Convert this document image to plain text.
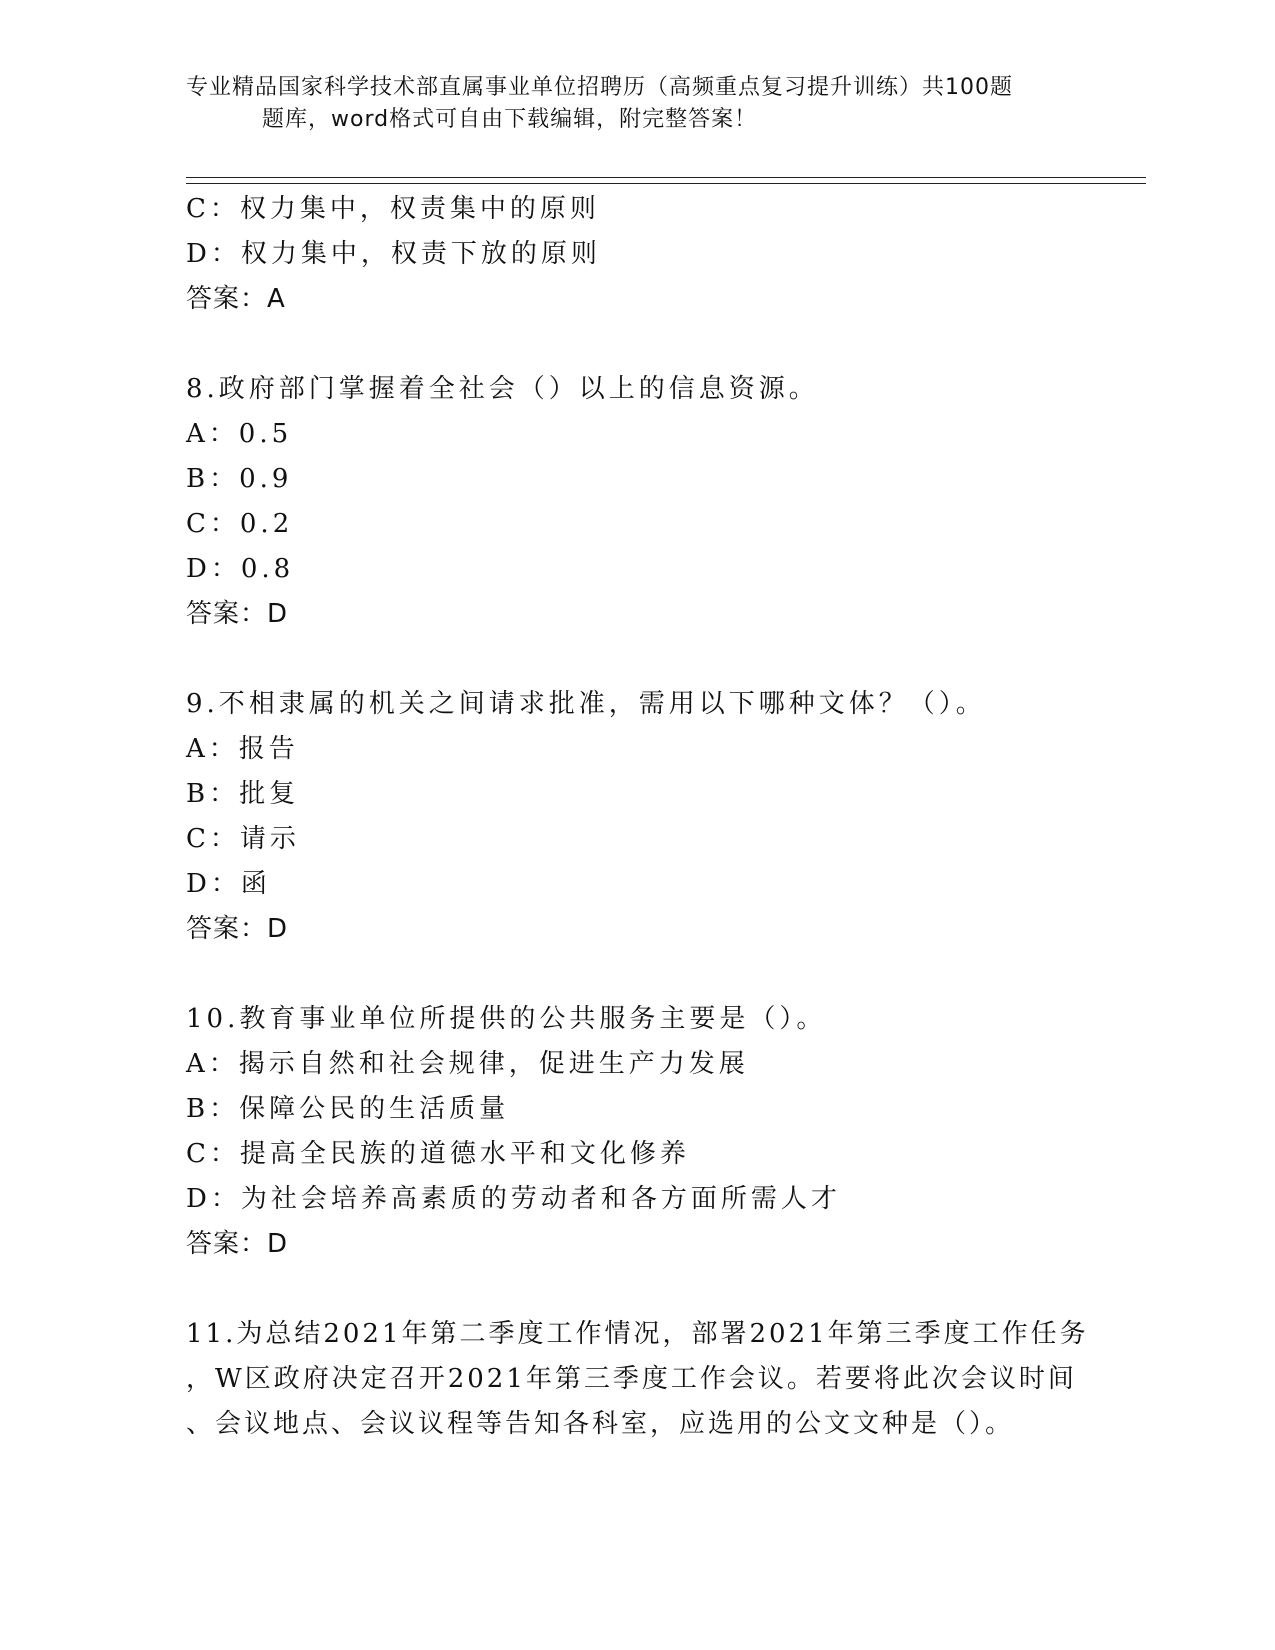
专业精品国家科学技术部直属事业单位招聘历（高频重点复习提升训练）共100题
题库，word格式可自由下载编辑，附完整答案！
C：权力集中，权责集中的原则
D：权力集中，权责下放的原则
答案：A
8.政府部门掌握着全社会（）以上的信息资源。
A：0.5
B：0.9
C：0.2
D：0.8
答案：D
9.不相隶属的机关之间请求批准，需用以下哪种文体？（）。
A：报告
B：批复
C：请示
D：函
答案：D
10.教育事业单位所提供的公共服务主要是（）。
A：揭示自然和社会规律，促进生产力发展
B：保障公民的生活质量
C：提高全民族的道德水平和文化修养
D：为社会培养高素质的劳动者和各方面所需人才
答案：D
11.为总结2021年第二季度工作情况，部署2021年第三季度工作任务
，W区政府决定召开2021年第三季度工作会议。若要将此次会议时间
、会议地点、会议议程等告知各科室，应选用的公文文种是（）。
